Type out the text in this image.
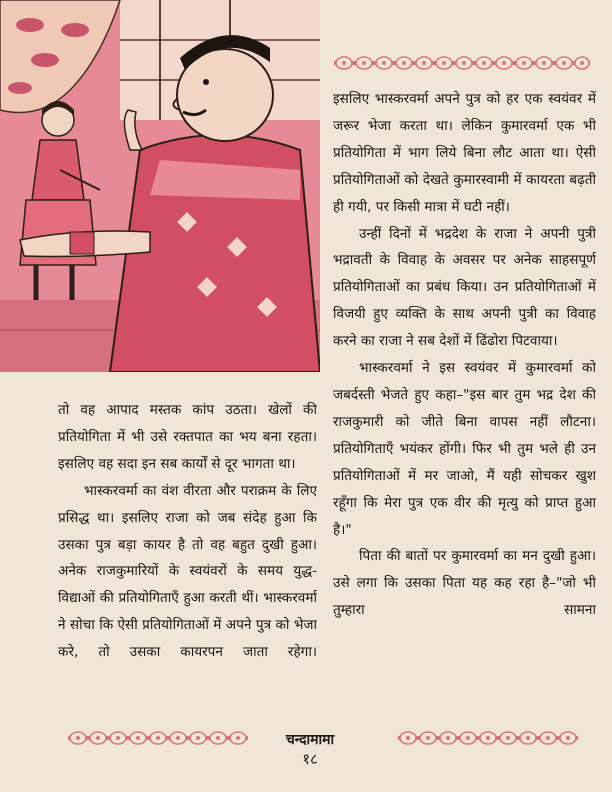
इसलिए भास्करवर्मा अपने पुत्र को हर एक स्वयंवर में जरूर भेजा करता था। लेकिन कुमारवर्मा एक भी प्रतियोगिता में भाग लिये बिना लौट आता था। ऐसी प्रतियोगिताओं को देखते कुमारस्वामी में कायरता बढ़ती ही गयी, पर किसी मात्रा में घटी नहीं।

उन्हीं दिनों में भद्रदेश के राजा ने अपनी पुत्री भद्रावती के विवाह के अवसर पर अनेक साहसपूर्ण प्रतियोगिताओं का प्रबंध किया। उन प्रतियोगिताओं में विजयी हुए व्यक्ति के साथ अपनी पुत्री का विवाह करने का राजा ने सब देशों में ढिंढोरा पिटवाया।

भास्करवर्मा ने इस स्वयंवर में कुमारवर्मा को जबर्दस्ती भेजते हुए कहा–"इस बार तुम भद्र देश की राजकुमारी को जीते बिना वापस नहीं लौटना। प्रतियोगिताएँ भयंकर होंगी। फिर भी तुम भले ही उन प्रतियोगिताओं में मर जाओ, मैं यही सोचकर खुश रहूँगा कि मेरा पुत्र एक वीर की मृत्यु को प्राप्त हुआ है।"

पिता की बातों पर कुमारवर्मा का मन दुखी हुआ। उसे लगा कि उसका पिता यह कह रहा है–"जो भी तुम्हारा सामना

तो वह आपाद मस्तक कांप उठता। खेलों की प्रतियोगिता में भी उसे रक्तपात का भय बना रहता। इसलिए वह सदा इन सब कार्यों से दूर भागता था।

भास्करवर्मा का वंश वीरता और पराक्रम के लिए प्रसिद्ध था। इसलिए राजा को जब संदेह हुआ कि उसका पुत्र बड़ा कायर है तो वह बहुत दुखी हुआ। अनेक राजकुमारियों के स्वयंवरों के समय युद्ध-विद्याओं की प्रतियोगिताएँ हुआ करती थीं। भास्करवर्मा ने सोचा कि ऐसी प्रतियोगिताओं में अपने पुत्र को भेजा करे, तो उसका कायरपन जाता रहेगा।

चन्दामामा
१८
